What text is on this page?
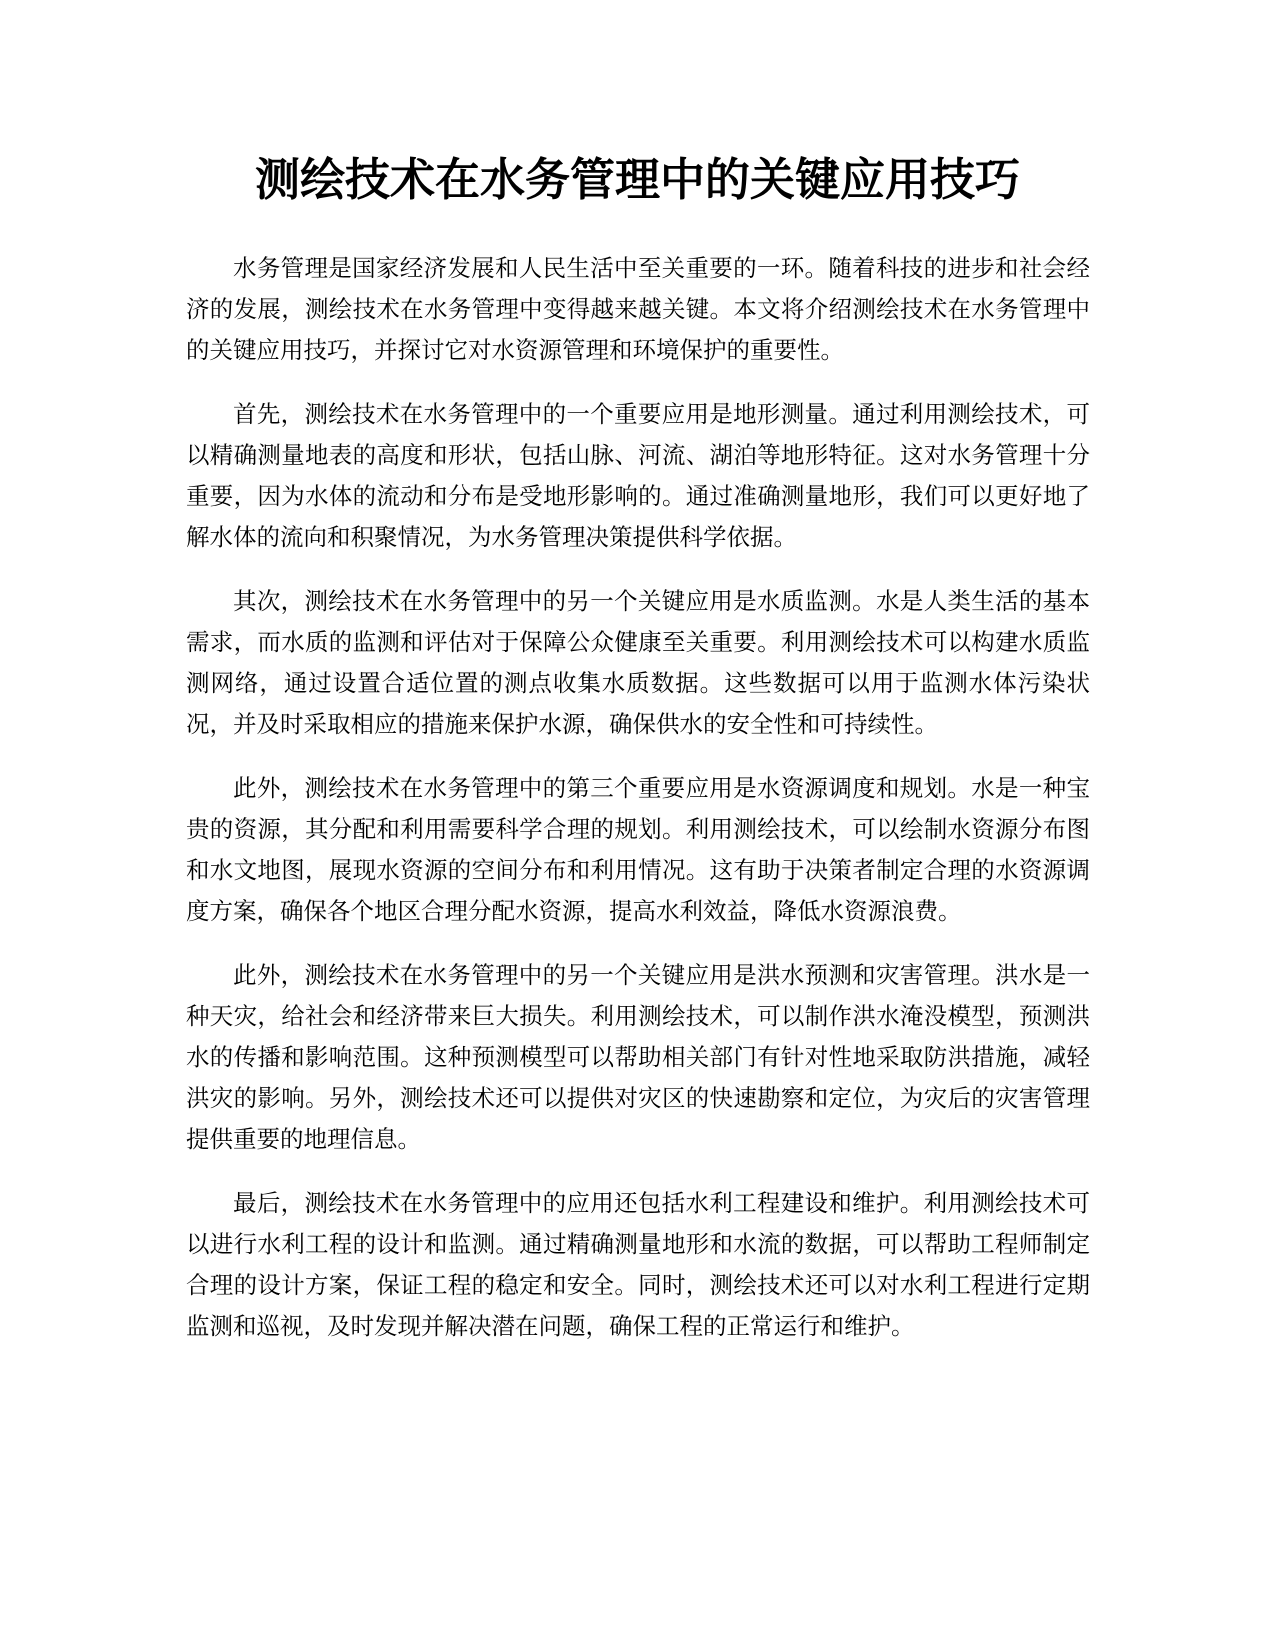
测绘技术在水务管理中的关键应用技巧

水务管理是国家经济发展和人民生活中至关重要的一环。随着科技的进步和社会经济的发展，测绘技术在水务管理中变得越来越关键。本文将介绍测绘技术在水务管理中的关键应用技巧，并探讨它对水资源管理和环境保护的重要性。

首先，测绘技术在水务管理中的一个重要应用是地形测量。通过利用测绘技术，可以精确测量地表的高度和形状，包括山脉、河流、湖泊等地形特征。这对水务管理十分重要，因为水体的流动和分布是受地形影响的。通过准确测量地形，我们可以更好地了解水体的流向和积聚情况，为水务管理决策提供科学依据。

其次，测绘技术在水务管理中的另一个关键应用是水质监测。水是人类生活的基本需求，而水质的监测和评估对于保障公众健康至关重要。利用测绘技术可以构建水质监测网络，通过设置合适位置的测点收集水质数据。这些数据可以用于监测水体污染状况，并及时采取相应的措施来保护水源，确保供水的安全性和可持续性。

此外，测绘技术在水务管理中的第三个重要应用是水资源调度和规划。水是一种宝贵的资源，其分配和利用需要科学合理的规划。利用测绘技术，可以绘制水资源分布图和水文地图，展现水资源的空间分布和利用情况。这有助于决策者制定合理的水资源调度方案，确保各个地区合理分配水资源，提高水利效益，降低水资源浪费。

此外，测绘技术在水务管理中的另一个关键应用是洪水预测和灾害管理。洪水是一种天灾，给社会和经济带来巨大损失。利用测绘技术，可以制作洪水淹没模型，预测洪水的传播和影响范围。这种预测模型可以帮助相关部门有针对性地采取防洪措施，减轻洪灾的影响。另外，测绘技术还可以提供对灾区的快速勘察和定位，为灾后的灾害管理提供重要的地理信息。

最后，测绘技术在水务管理中的应用还包括水利工程建设和维护。利用测绘技术可以进行水利工程的设计和监测。通过精确测量地形和水流的数据，可以帮助工程师制定合理的设计方案，保证工程的稳定和安全。同时，测绘技术还可以对水利工程进行定期监测和巡视，及时发现并解决潜在问题，确保工程的正常运行和维护。
